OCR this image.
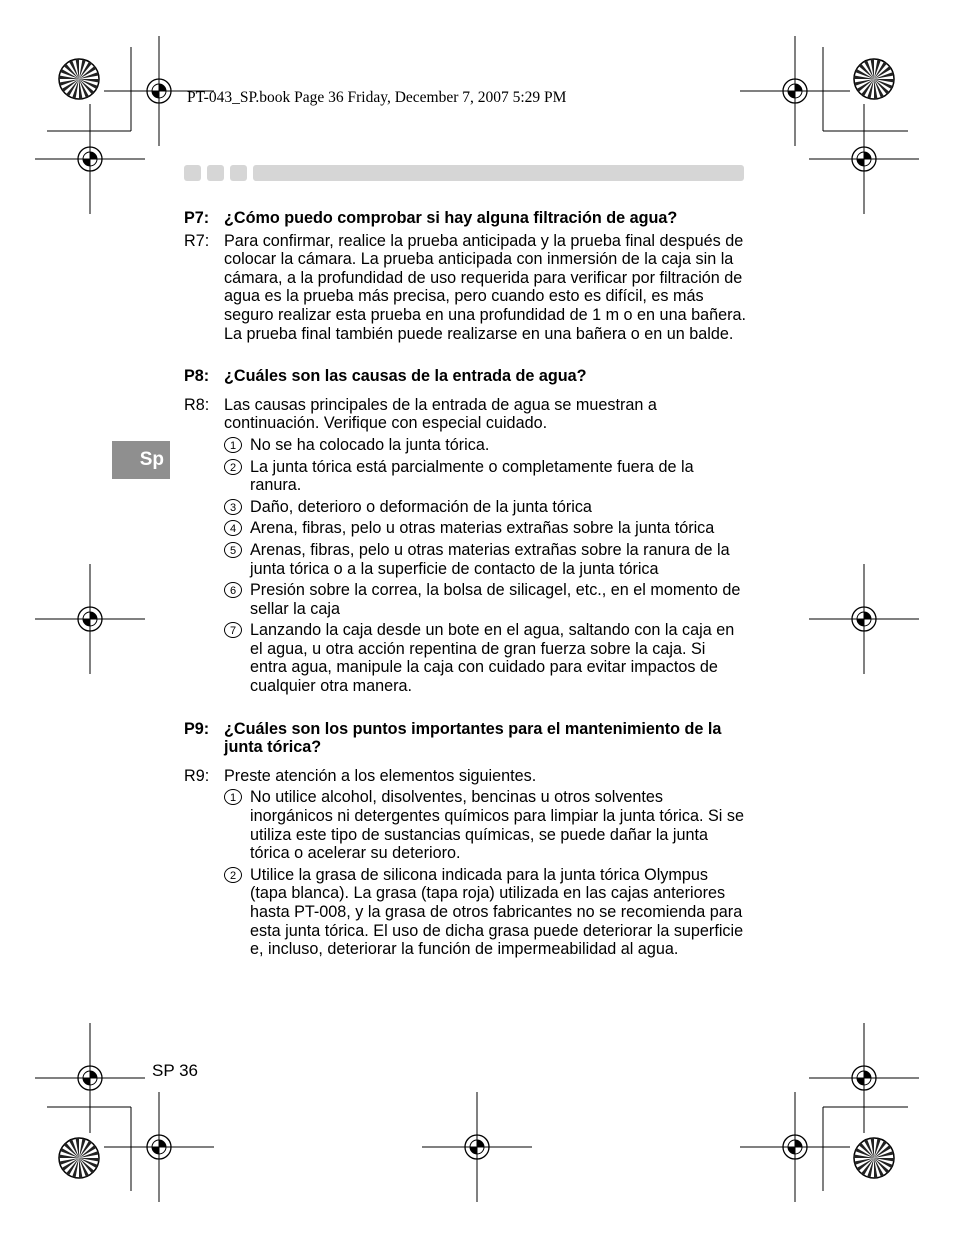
PT-043_SP.book Page 36 Friday, December 7, 2007 5:29 PM
Sp
P7: ¿Cómo puedo comprobar si hay alguna filtración de agua?
R7: Para confirmar, realice la prueba anticipada y la prueba final después de colocar la cámara. La prueba anticipada con inmersión de la caja sin la cámara, a la profundidad de uso requerida para verificar por filtración de agua es la prueba más precisa, pero cuando esto es difícil, es más seguro realizar esta prueba en una profundidad de 1 m o en una bañera. La prueba final también puede realizarse en una bañera o en un balde.
P8: ¿Cuáles son las causas de la entrada de agua?
R8: Las causas principales de la entrada de agua se muestran a continuación. Verifique con especial cuidado.
1 No se ha colocado la junta tórica.
2 La junta tórica está parcialmente o completamente fuera de la ranura.
3 Daño, deterioro o deformación de la junta tórica
4 Arena, fibras, pelo u otras materias extrañas sobre la junta tórica
5 Arenas, fibras, pelo u otras materias extrañas sobre la ranura de la junta tórica o a la superficie de contacto de la junta tórica
6 Presión sobre la correa, la bolsa de silicagel, etc., en el momento de sellar la caja
7 Lanzando la caja desde un bote en el agua, saltando con la caja en el agua, u otra acción repentina de gran fuerza sobre la caja. Si entra agua, manipule la caja con cuidado para evitar impactos de cualquier otra manera.
P9: ¿Cuáles son los puntos importantes para el mantenimiento de la junta tórica?
R9: Preste atención a los elementos siguientes.
1 No utilice alcohol, disolventes, bencinas u otros solventes inorgánicos ni detergentes químicos para limpiar la junta tórica. Si se utiliza este tipo de sustancias químicas, se puede dañar la junta tórica o acelerar su deterioro.
2 Utilice la grasa de silicona indicada para la junta tórica Olympus (tapa blanca). La grasa (tapa roja) utilizada en las cajas anteriores hasta PT-008, y la grasa de otros fabricantes no se recomienda para esta junta tórica. El uso de dicha grasa puede deteriorar la superficie e, incluso, deteriorar la función de impermeabilidad al agua.
SP 36
